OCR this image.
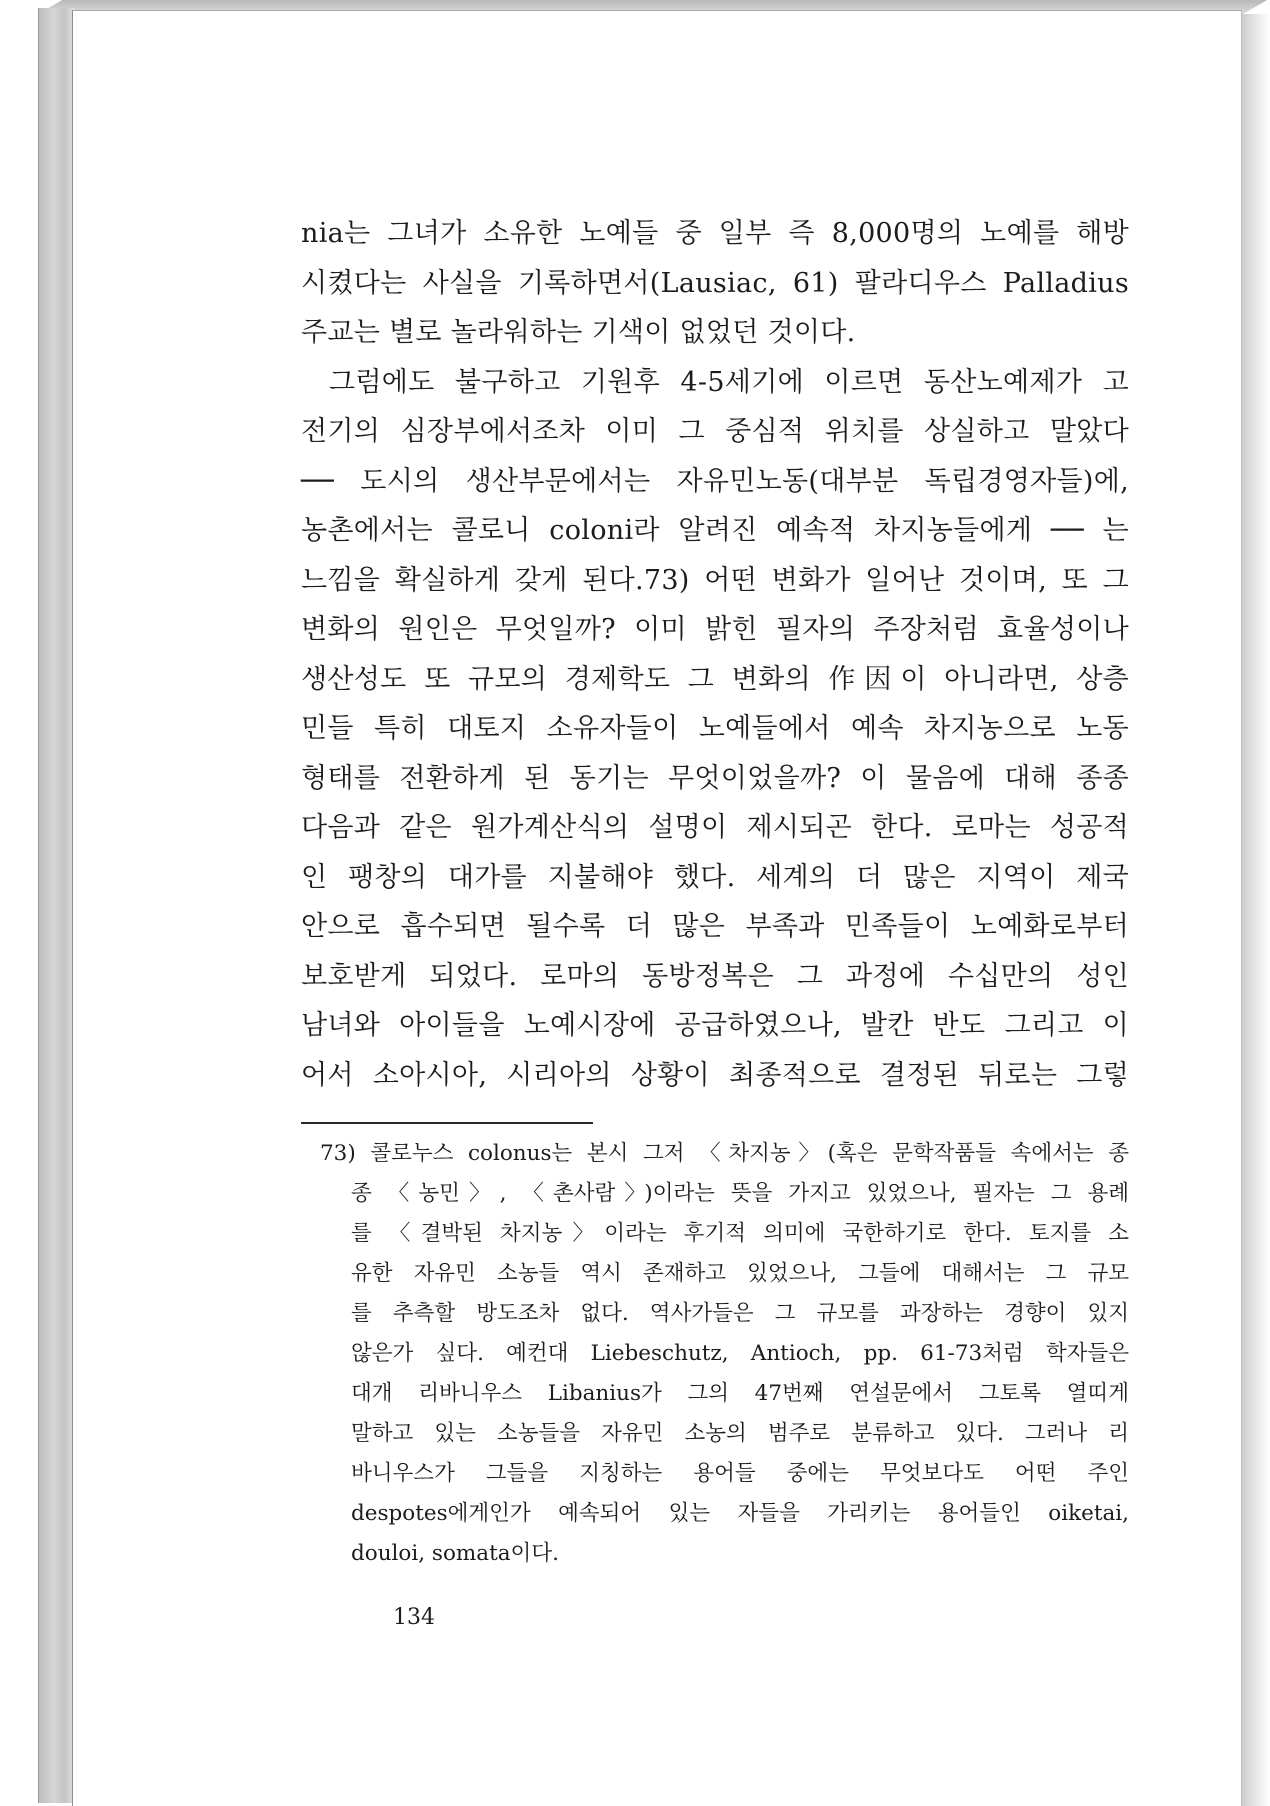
nia는 그녀가 소유한 노예들 중 일부 즉 8,000명의 노예를 해방
시켰다는 사실을 기록하면서(Lausiac, 61) 팔라디우스 Palladius
주교는 별로 놀라워하는 기색이 없었던 것이다.
그럼에도 불구하고 기원후 4-5세기에 이르면 동산노예제가 고
전기의 심장부에서조차 이미 그 중심적 위치를 상실하고 말았다
── 도시의 생산부문에서는 자유민노동(대부분 독립경영자들)에,
농촌에서는 콜로니 coloni라 알려진 예속적 차지농들에게 ── 는
느낌을 확실하게 갖게 된다.73) 어떤 변화가 일어난 것이며, 또 그
변화의 원인은 무엇일까? 이미 밝힌 필자의 주장처럼 효율성이나
생산성도 또 규모의 경제학도 그 변화의 作因이 아니라면, 상층
민들 특히 대토지 소유자들이 노예들에서 예속 차지농으로 노동
형태를 전환하게 된 동기는 무엇이었을까? 이 물음에 대해 종종
다음과 같은 원가계산식의 설명이 제시되곤 한다. 로마는 성공적
인 팽창의 대가를 지불해야 했다. 세계의 더 많은 지역이 제국
안으로 흡수되면 될수록 더 많은 부족과 민족들이 노예화로부터
보호받게 되었다. 로마의 동방정복은 그 과정에 수십만의 성인
남녀와 아이들을 노예시장에 공급하였으나, 발칸 반도 그리고 이
어서 소아시아, 시리아의 상황이 최종적으로 결정된 뒤로는 그렇
73) 콜로누스 colonus는 본시 그저 〈차지농〉(혹은 문학작품들 속에서는 종
종 〈농민〉, 〈촌사람〉)이라는 뜻을 가지고 있었으나, 필자는 그 용례
를 〈결박된 차지농〉이라는 후기적 의미에 국한하기로 한다. 토지를 소
유한 자유민 소농들 역시 존재하고 있었으나, 그들에 대해서는 그 규모
를 추측할 방도조차 없다. 역사가들은 그 규모를 과장하는 경향이 있지
않은가 싶다. 예컨대 Liebeschutz, Antioch, pp. 61-73처럼 학자들은
대개 리바니우스 Libanius가 그의 47번째 연설문에서 그토록 열띠게
말하고 있는 소농들을 자유민 소농의 범주로 분류하고 있다. 그러나 리
바니우스가 그들을 지칭하는 용어들 중에는 무엇보다도 어떤 주인
despotes에게인가 예속되어 있는 자들을 가리키는 용어들인 oiketai,
douloi, somata이다.
134
